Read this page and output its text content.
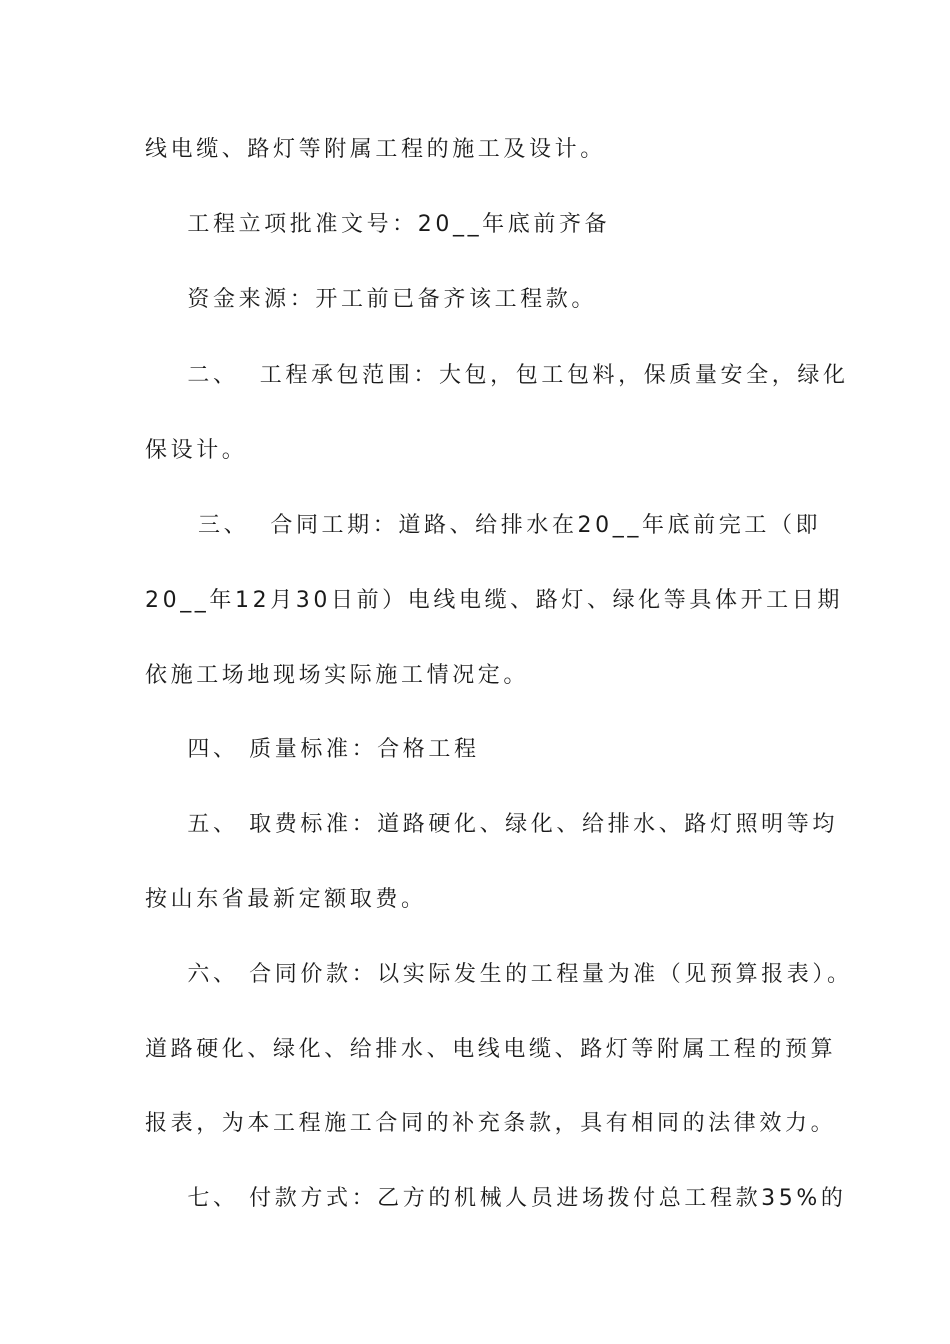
线电缆、路灯等附属工程的施工及设计。
工程立项批准文号：20__年底前齐备
资金来源：开工前已备齐该工程款。
二、  工程承包范围：大包，包工包料，保质量安全，绿化
保设计。
三、  合同工期：道路、给排水在20__年底前完工（即
20__年12月30日前）电线电缆、路灯、绿化等具体开工日期
依施工场地现场实际施工情况定。
四、 质量标准：合格工程
五、 取费标准：道路硬化、绿化、给排水、路灯照明等均
按山东省最新定额取费。
六、 合同价款：以实际发生的工程量为准（见预算报表）。
道路硬化、绿化、给排水、电线电缆、路灯等附属工程的预算
报表，为本工程施工合同的补充条款，具有相同的法律效力。
七、 付款方式：乙方的机械人员进场拨付总工程款35%的
